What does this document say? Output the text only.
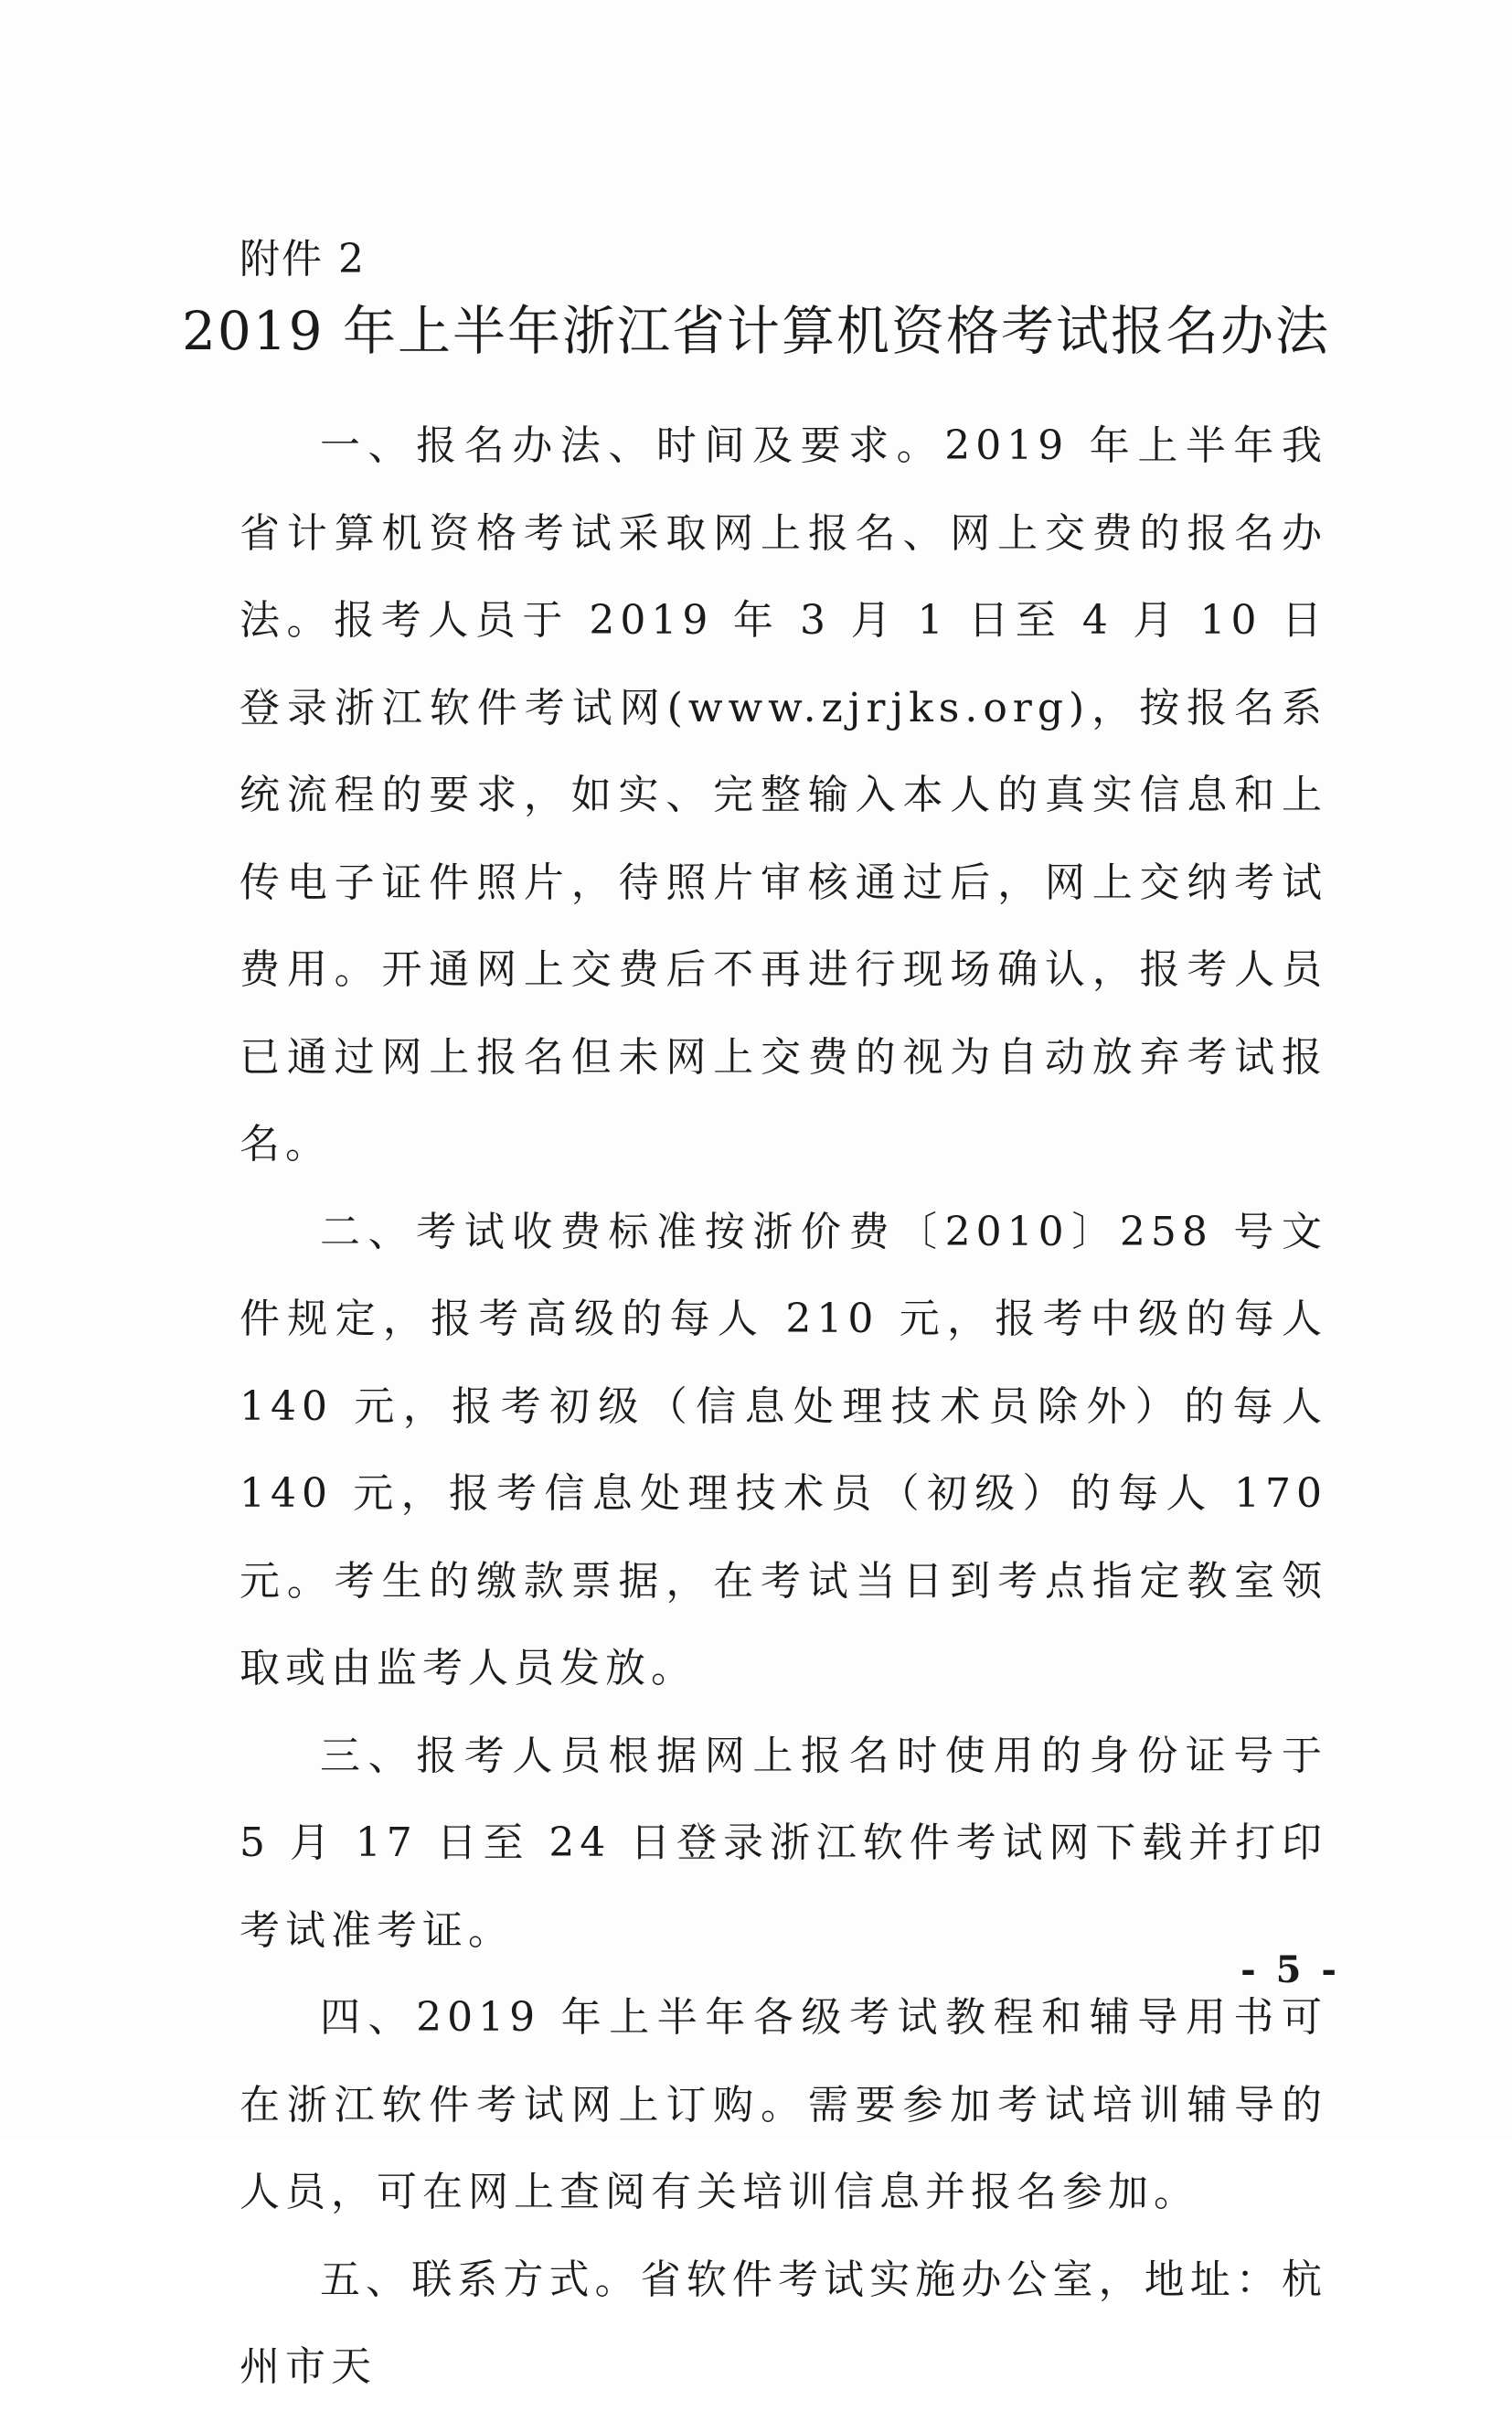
附件 2
2019 年上半年浙江省计算机资格考试报名办法

一、报名办法、时间及要求。2019 年上半年我省计算机资格考试采取网上报名、网上交费的报名办法。报考人员于 2019 年 3 月 1 日至 4 月 10 日登录浙江软件考试网(www.zjrjks.org)，按报名系统流程的要求，如实、完整输入本人的真实信息和上传电子证件照片，待照片审核通过后，网上交纳考试费用。开通网上交费后不再进行现场确认，报考人员已通过网上报名但未网上交费的视为自动放弃考试报名。

二、考试收费标准按浙价费〔2010〕258 号文件规定，报考高级的每人 210 元，报考中级的每人 140 元，报考初级（信息处理技术员除外）的每人 140 元，报考信息处理技术员（初级）的每人 170 元。考生的缴款票据，在考试当日到考点指定教室领取或由监考人员发放。

三、报考人员根据网上报名时使用的身份证号于 5 月 17 日至 24 日登录浙江软件考试网下载并打印考试准考证。

四、2019 年上半年各级考试教程和辅导用书可在浙江软件考试网上订购。需要参加考试培训辅导的人员，可在网上查阅有关培训信息并报名参加。

五、联系方式。省软件考试实施办公室，地址：杭州市天

- 5 -
